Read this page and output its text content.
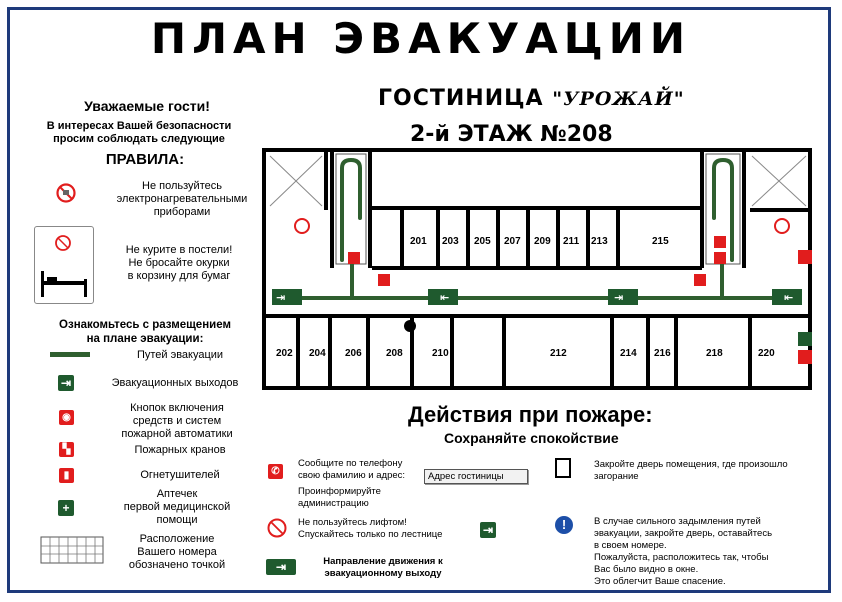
ПЛАН ЭВАКУАЦИИ
ГОСТИНИЦА "УРОЖАЙ"
2-й ЭТАЖ №208
Уважаемые гости!
В интересах Вашей безопасности
просим соблюдать следующие
ПРАВИЛА:
Не пользуйтесь
электронагревательными
приборами
Не курите в постели!
Не бросайте окурки
в корзину для бумаг
Ознакомьтесь с размещением
на плане эвакуации:
Путей эвакуации
⇥	Эвакуационных выходов
◉
Кнопок включения
средств и систем
пожарной автоматики
▚	Пожарных кранов
▮	Огнетушителей
+
Аптечек
первой медицинской
помощи
Расположение
Вашего номера
обозначено точкой
⇥	⇤	⇥	⇤
201 203 205 207 209 211 213	215
202 204 206 208	210	212	214 216	218	220
Действия при пожаре:
Сохраняйте спокойствие
✆
Сообщите по телефону
свою фамилию и адрес:	Адрес гостиницы
Проинформируйте
администрацию
Не пользуйтесь лифтом!
Спускайтесь только по лестнице	⇥
⇥	Направление движения к
эвакуационному выходу
Закройте дверь помещения, где произошло
загорание
!	В случае сильного задымления путей
эвакуации, закройте дверь, оставайтесь
в своем номере.
Пожалуйста, расположитесь так, чтобы
Вас было видно в окне.
Это облегчит Ваше спасение.
